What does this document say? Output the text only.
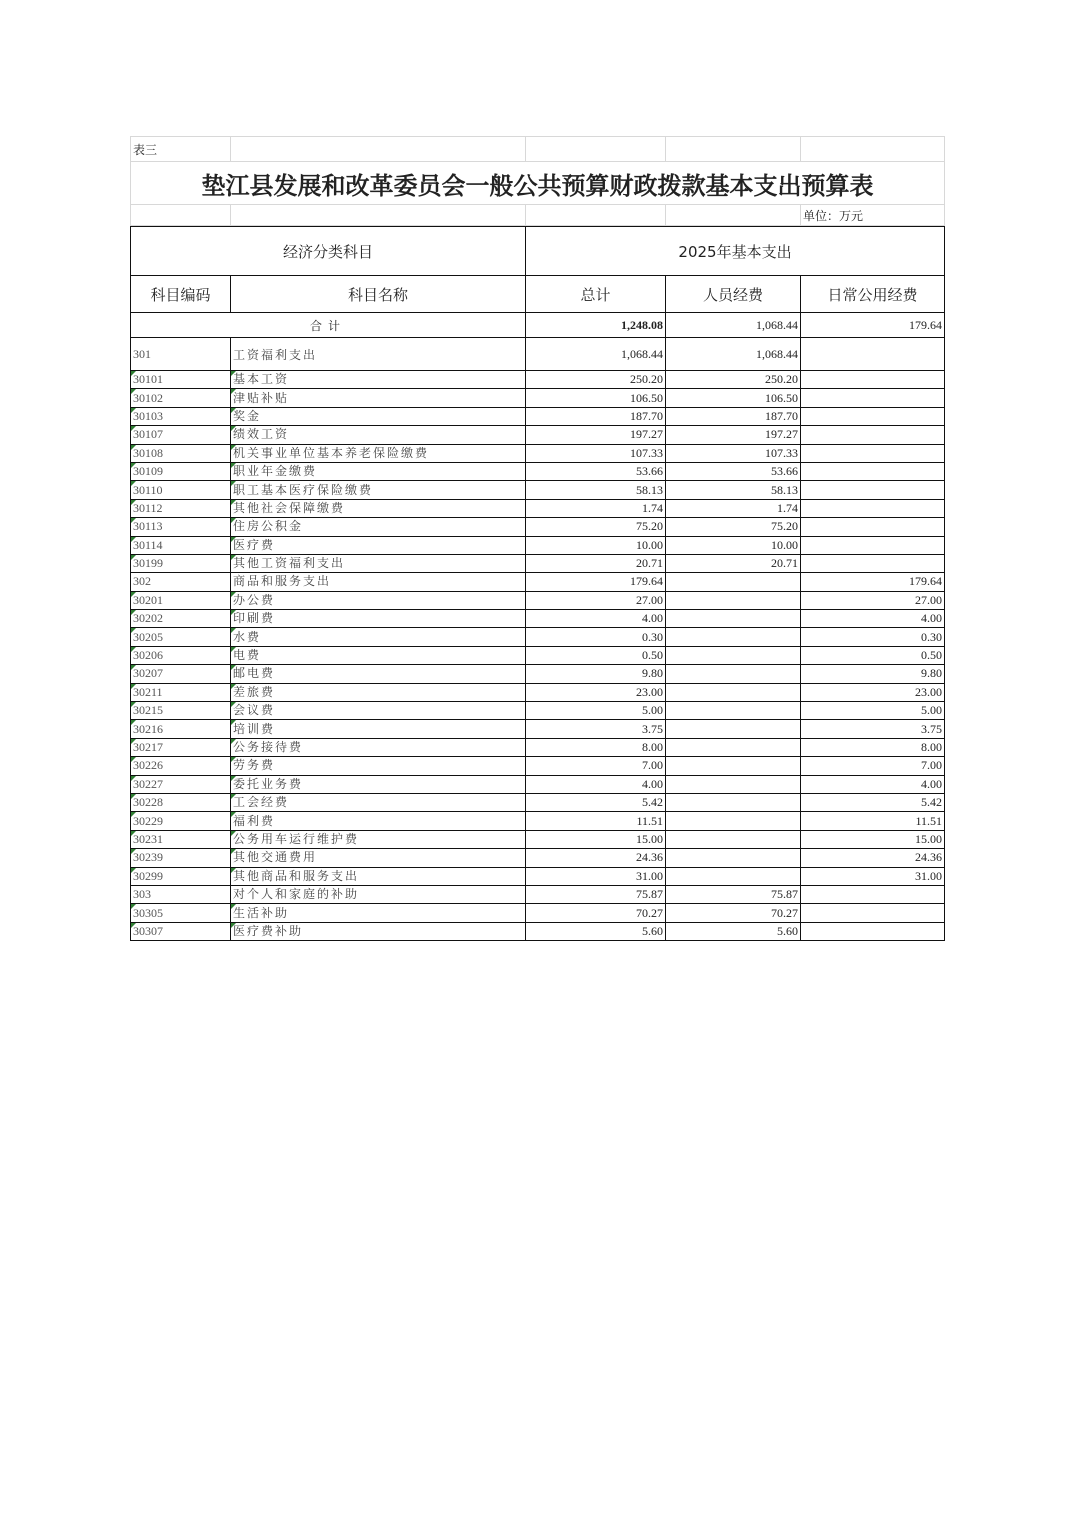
表三				
垫江县发展和改革委员会一般公共预算财政拨款基本支出预算表				
				单位：万元
经济分类科目		2025年基本支出		
科目编码	科目名称	总计	人员经费	日常公用经费
合计		1,248.08	1,068.44	179.64
301	工资福利支出	1,068.44	1,068.44	
30101	基本工资	250.20	250.20	
30102	津贴补贴	106.50	106.50	
30103	奖金	187.70	187.70	
30107	绩效工资	197.27	197.27	
30108	机关事业单位基本养老保险缴费	107.33	107.33	
30109	职业年金缴费	53.66	53.66	
30110	职工基本医疗保险缴费	58.13	58.13	
30112	其他社会保障缴费	1.74	1.74	
30113	住房公积金	75.20	75.20	
30114	医疗费	10.00	10.00	
30199	其他工资福利支出	20.71	20.71	
302	商品和服务支出	179.64		179.64
30201	办公费	27.00		27.00
30202	印刷费	4.00		4.00
30205	水费	0.30		0.30
30206	电费	0.50		0.50
30207	邮电费	9.80		9.80
30211	差旅费	23.00		23.00
30215	会议费	5.00		5.00
30216	培训费	3.75		3.75
30217	公务接待费	8.00		8.00
30226	劳务费	7.00		7.00
30227	委托业务费	4.00		4.00
30228	工会经费	5.42		5.42
30229	福利费	11.51		11.51
30231	公务用车运行维护费	15.00		15.00
30239	其他交通费用	24.36		24.36
30299	其他商品和服务支出	31.00		31.00
303	对个人和家庭的补助	75.87	75.87	
30305	生活补助	70.27	70.27	
30307	医疗费补助	5.60	5.60	
